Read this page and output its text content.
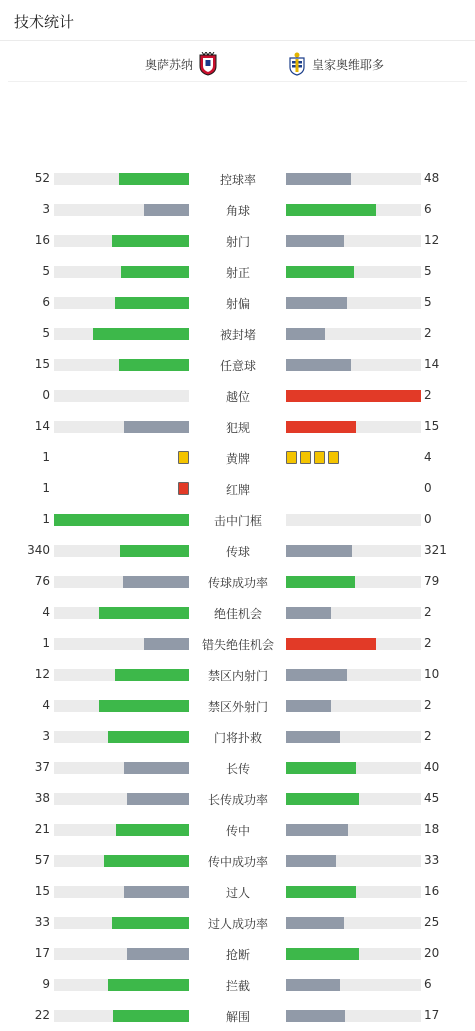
技术统计
奥萨苏纳	皇家奥维耶多
52	控球率	48
3	角球	6
16	射门	12
5	射正	5
6	射偏	5
5	被封堵	2
15	任意球	14
0	越位	2
14	犯规	15
1	黄牌	4
1	红牌	0
1	击中门框	0
340	传球	321
76	传球成功率	79
4	绝佳机会	2
1	错失绝佳机会	2
12	禁区内射门	10
4	禁区外射门	2
3	门将扑救	2
37	长传	40
38	长传成功率	45
21	传中	18
57	传中成功率	33
15	过人	16
33	过人成功率	25
17	抢断	20
9	拦截	6
22	解围	17
